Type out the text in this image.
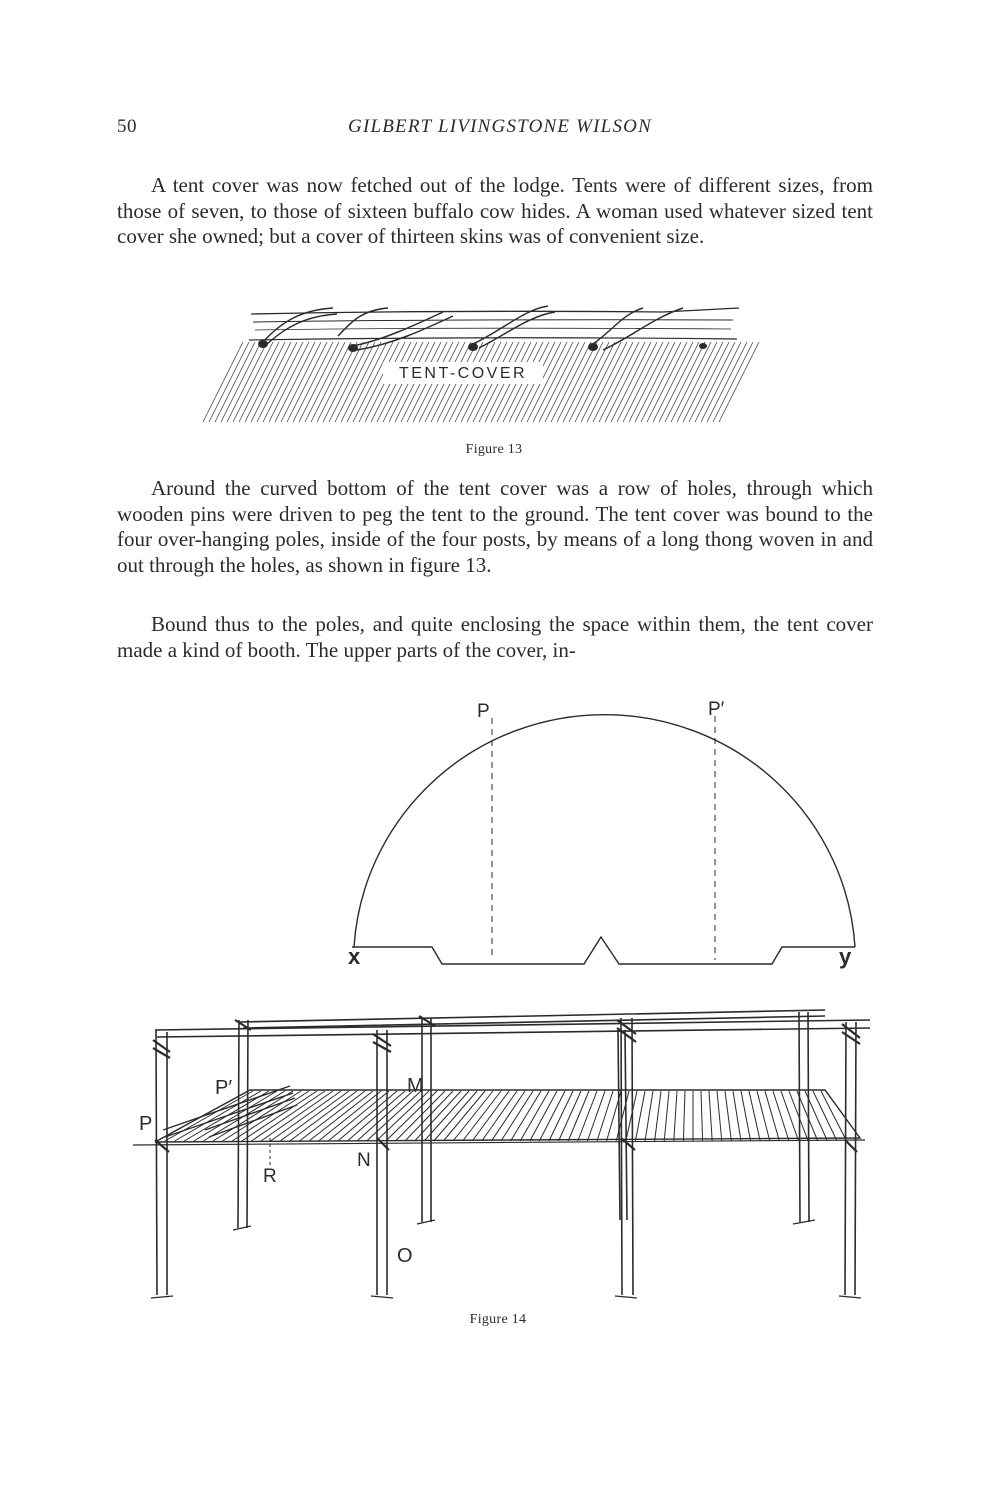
50	GILBERT LIVINGSTONE WILSON

A tent cover was now fetched out of the lodge. Tents were of different sizes, from those of seven, to those of sixteen buffalo cow hides. A woman used whatever sized tent cover she owned; but a cover of thirteen skins was of convenient size.

TENT-COVER
Figure 13

Around the curved bottom of the tent cover was a row of holes, through which wooden pins were driven to peg the tent to the ground. The tent cover was bound to the four over-hanging poles, inside of the four posts, by means of a long thong woven in and out through the holes, as shown in figure 13.

Bound thus to the poles, and quite enclosing the space within them, the tent cover made a kind of booth. The upper parts of the cover, in-

P	P′
x	y
P
P′	M
N
R
O
Figure 14
